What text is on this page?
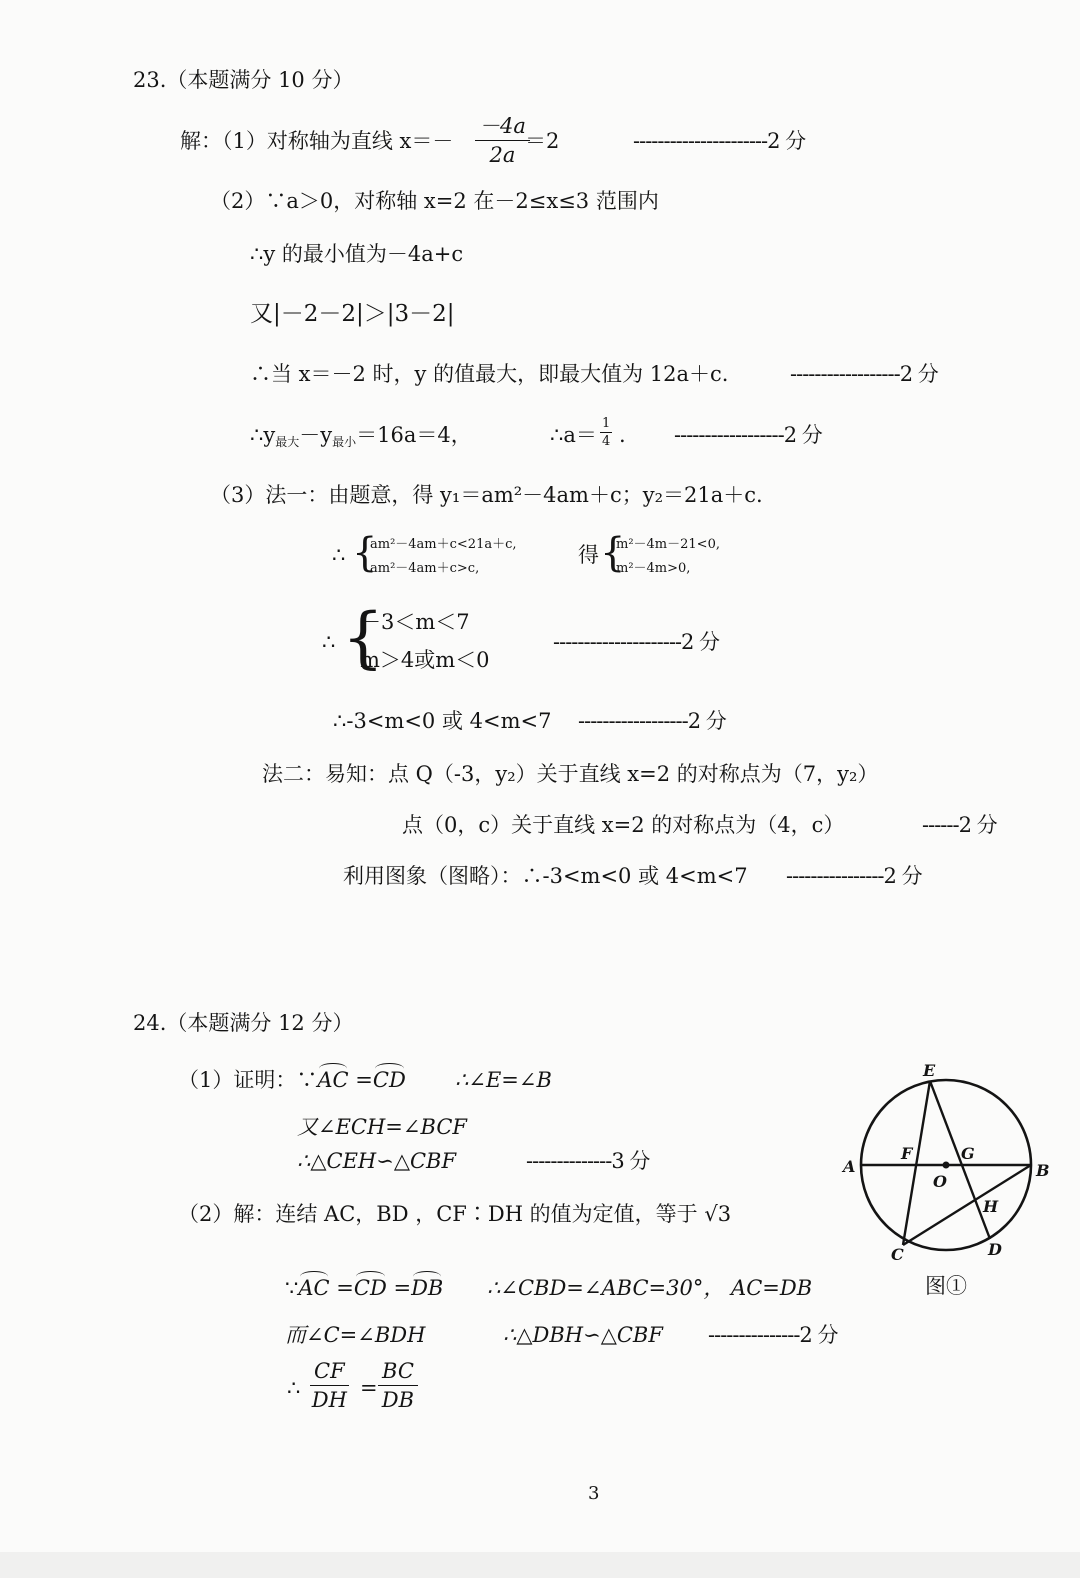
23.（本题满分 10 分）
解：（1）对称轴为直线 $x=- \frac{-4a}{2a}$
＝2	----------------------2 分
（2）∵a＞0，对称轴 x=2 在－2≤x≤3 范围内
∴y 的最小值为－4a+c
又|－2－2|＞|3－2|
∴当 x＝－2 时，y 的值最大，即最大值为 12a＋c.	------------------2 分
$\therefore y_{最大}-y_{最小}=16a=4$，	∴a＝ $\frac{1}{4}$ . ------------------2 分
（3）法一：由题意，得 y₁＝am²－4am＋c；y₂＝21a＋c.
∴ {
am²－4am＋c<21a＋c,
am²－4am＋c>c,
得 {
m²－4m－21<0,
m²－4m>0,
∴ {
－3＜m＜7
m＞4或m＜0
---------------------2 分
∴-3<m<0 或 4<m<7 ------------------2 分
法二：易知：点 Q（-3，y₂）关于直线 x=2 的对称点为（7，y₂）
点（0，c）关于直线 x=2 的对称点为（4，c）	------2 分
利用图象（图略）：∴-3<m<0 或 4<m<7 ----------------2 分
24.（本题满分 12 分）
（1）证明：∵AC =CD ∴∠E=∠B
又∠ECH=∠BCF
∴△CEH∽△CBF	--------------3 分
（2）解：连结 AC，BD ，CF∶DH 的值为定值，等于 √3
∵AC =CD =DB ∴∠CBD=∠ABC=30°， AC=DB
而∠C=∠BDH	∴△DBH∽△CBF ---------------2 分
∴ $\frac{CF}{DH} = \frac{BC}{DB}$
E
A
F
O
G
B
H
C	D
图①
3
